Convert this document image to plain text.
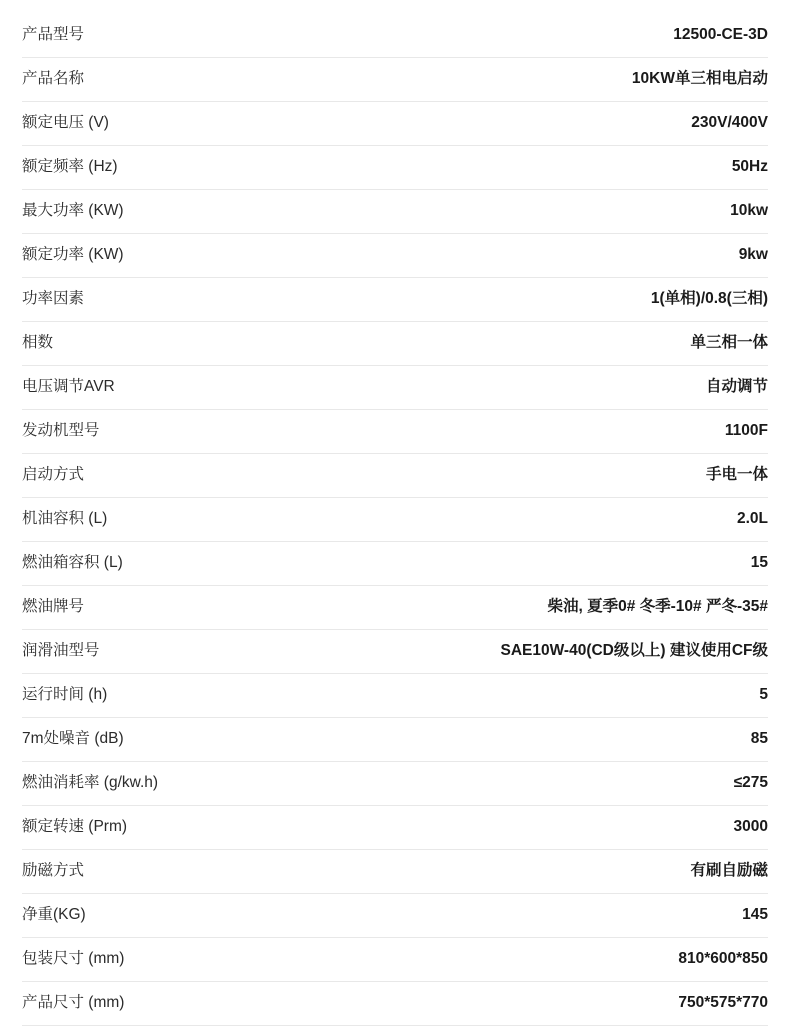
产品型号	12500-CE-3D
产品名称	10KW单三相电启动
额定电压 (V)	230V/400V
额定频率 (Hz)	50Hz
最大功率 (KW)	10kw
额定功率 (KW)	9kw
功率因素	1(单相)/0.8(三相)
相数	单三相一体
电压调节AVR	自动调节
发动机型号	1100F
启动方式	手电一体
机油容积 (L)	2.0L
燃油箱容积 (L)	15
燃油牌号	柴油, 夏季0# 冬季-10# 严冬-35#
润滑油型号	SAE10W-40(CD级以上) 建议使用CF级
运行时间 (h)	5
7m处噪音 (dB)	85
燃油消耗率 (g/kw.h)	≤275
额定转速 (Prm)	3000
励磁方式	有刷自励磁
净重(KG)	145
包装尺寸 (mm)	810*600*850
产品尺寸 (mm)	750*575*770
